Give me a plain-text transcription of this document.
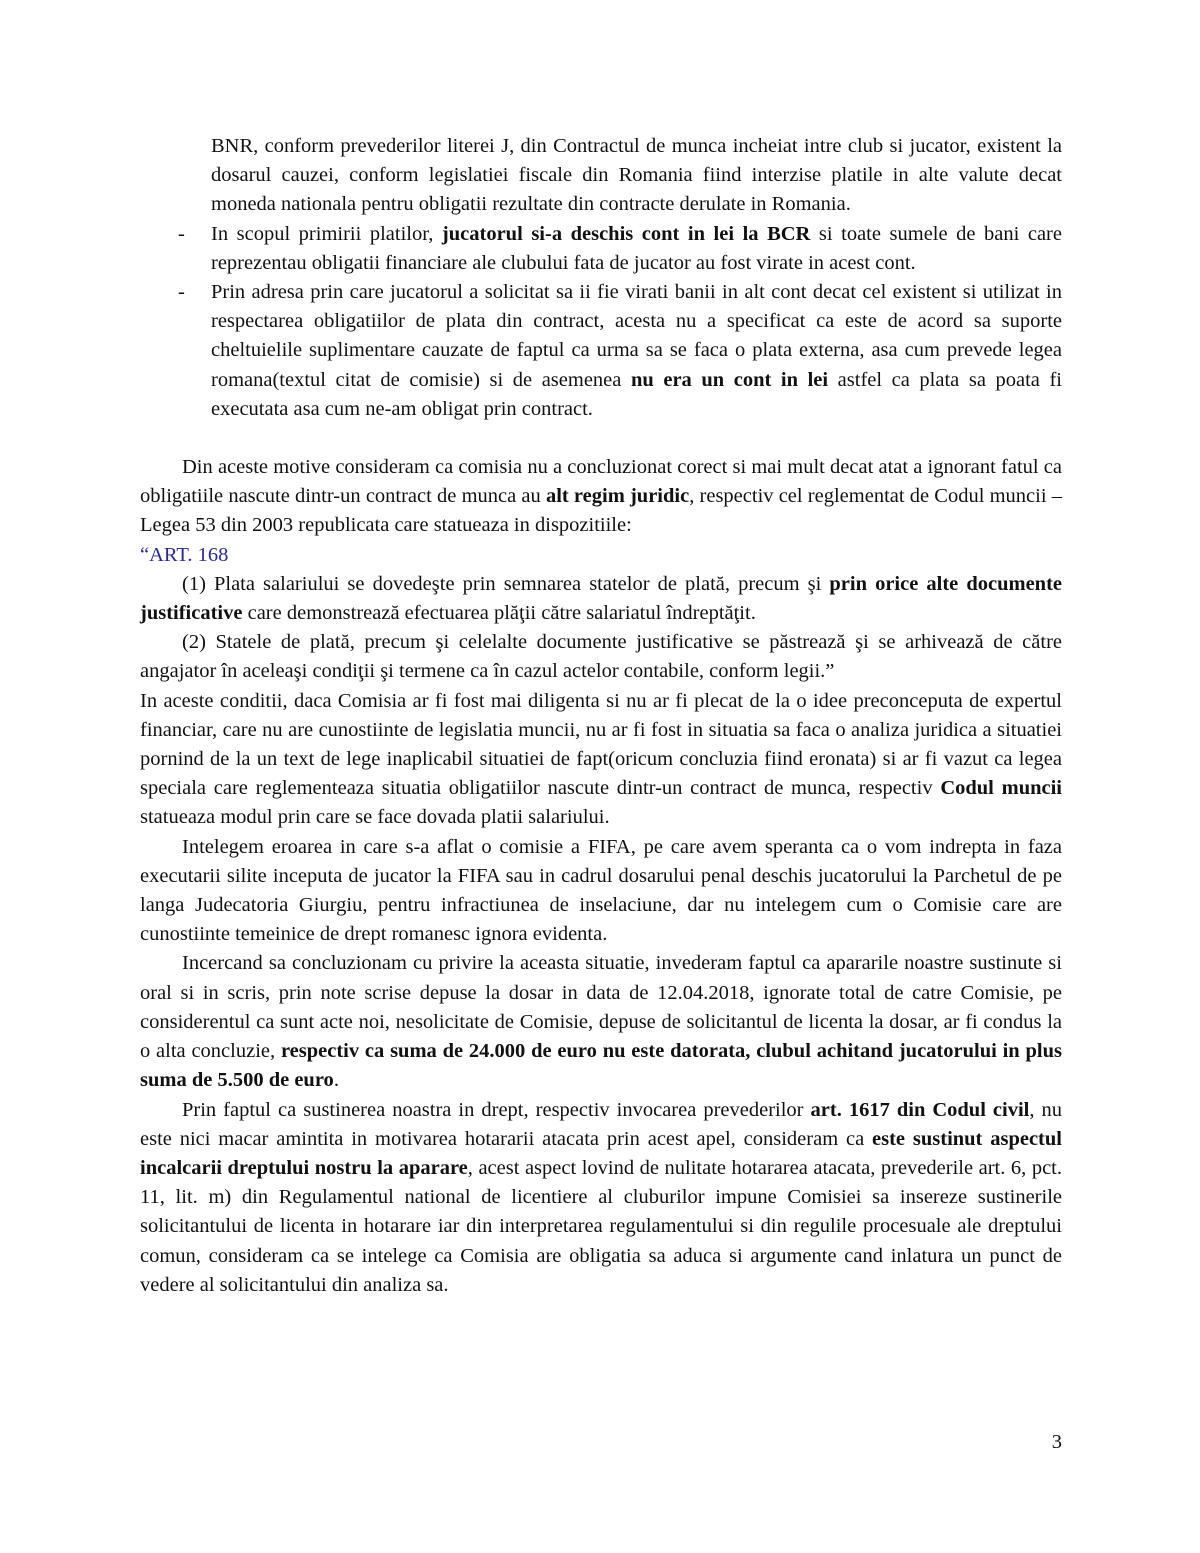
BNR, conform prevederilor literei J, din Contractul de munca incheiat intre club si jucator, existent la dosarul cauzei, conform legislatiei fiscale din Romania fiind interzise platile in alte valute decat moneda nationala pentru obligatii rezultate din contracte derulate in Romania.
- In scopul primirii platilor, jucatorul si-a deschis cont in lei la BCR si toate sumele de bani care reprezentau obligatii financiare ale clubului fata de jucator au fost virate in acest cont.
- Prin adresa prin care jucatorul a solicitat sa ii fie virati banii in alt cont decat cel existent si utilizat in respectarea obligatiilor de plata din contract, acesta nu a specificat ca este de acord sa suporte cheltuielile suplimentare cauzate de faptul ca urma sa se faca o plata externa, asa cum prevede legea romana(textul citat de comisie) si de asemenea nu era un cont in lei astfel ca plata sa poata fi executata asa cum ne-am obligat prin contract.

Din aceste motive consideram ca comisia nu a concluzionat corect si mai mult decat atat a ignorant fatul ca obligatiile nascute dintr-un contract de munca au alt regim juridic, respectiv cel reglementat de Codul muncii – Legea 53 din 2003 republicata care statueaza in dispozitiile:

“ART. 168

(1) Plata salariului se dovedeşte prin semnarea statelor de plată, precum şi prin orice alte documente justificative care demonstrează efectuarea plăţii către salariatul îndreptăţit.

(2) Statele de plată, precum şi celelalte documente justificative se păstrează şi se arhivează de către angajator în aceleaşi condiţii şi termene ca în cazul actelor contabile, conform legii.”

In aceste conditii, daca Comisia ar fi fost mai diligenta si nu ar fi plecat de la o idee preconceputa de expertul financiar, care nu are cunostiinte de legislatia muncii, nu ar fi fost in situatia sa faca o analiza juridica a situatiei pornind de la un text de lege inaplicabil situatiei de fapt(oricum concluzia fiind eronata) si ar fi vazut ca legea speciala care reglementeaza situatia obligatiilor nascute dintr-un contract de munca, respectiv Codul muncii statueaza modul prin care se face dovada platii salariului.

Intelegem eroarea in care s-a aflat o comisie a FIFA, pe care avem speranta ca o vom indrepta in faza executarii silite inceputa de jucator la FIFA sau in cadrul dosarului penal deschis jucatorului la Parchetul de pe langa Judecatoria Giurgiu, pentru infractiunea de inselaciune, dar nu intelegem cum o Comisie care are cunostiinte temeinice de drept romanesc ignora evidenta.

Incercand sa concluzionam cu privire la aceasta situatie, invederam faptul ca apararile noastre sustinute si oral si in scris, prin note scrise depuse la dosar in data de 12.04.2018, ignorate total de catre Comisie, pe considerentul ca sunt acte noi, nesolicitate de Comisie, depuse de solicitantul de licenta la dosar, ar fi condus la o alta concluzie, respectiv ca suma de 24.000 de euro nu este datorata, clubul achitand jucatorului in plus suma de 5.500 de euro.

Prin faptul ca sustinerea noastra in drept, respectiv invocarea prevederilor art. 1617 din Codul civil, nu este nici macar amintita in motivarea hotararii atacata prin acest apel, consideram ca este sustinut aspectul incalcarii dreptului nostru la aparare, acest aspect lovind de nulitate hotararea atacata, prevederile art. 6, pct. 11, lit. m) din Regulamentul national de licentiere al cluburilor impune Comisiei sa insereze sustinerile solicitantului de licenta in hotarare iar din interpretarea regulamentului si din regulile procesuale ale dreptului comun, consideram ca se intelege ca Comisia are obligatia sa aduca si argumente cand inlatura un punct de vedere al solicitantului din analiza sa.

3
